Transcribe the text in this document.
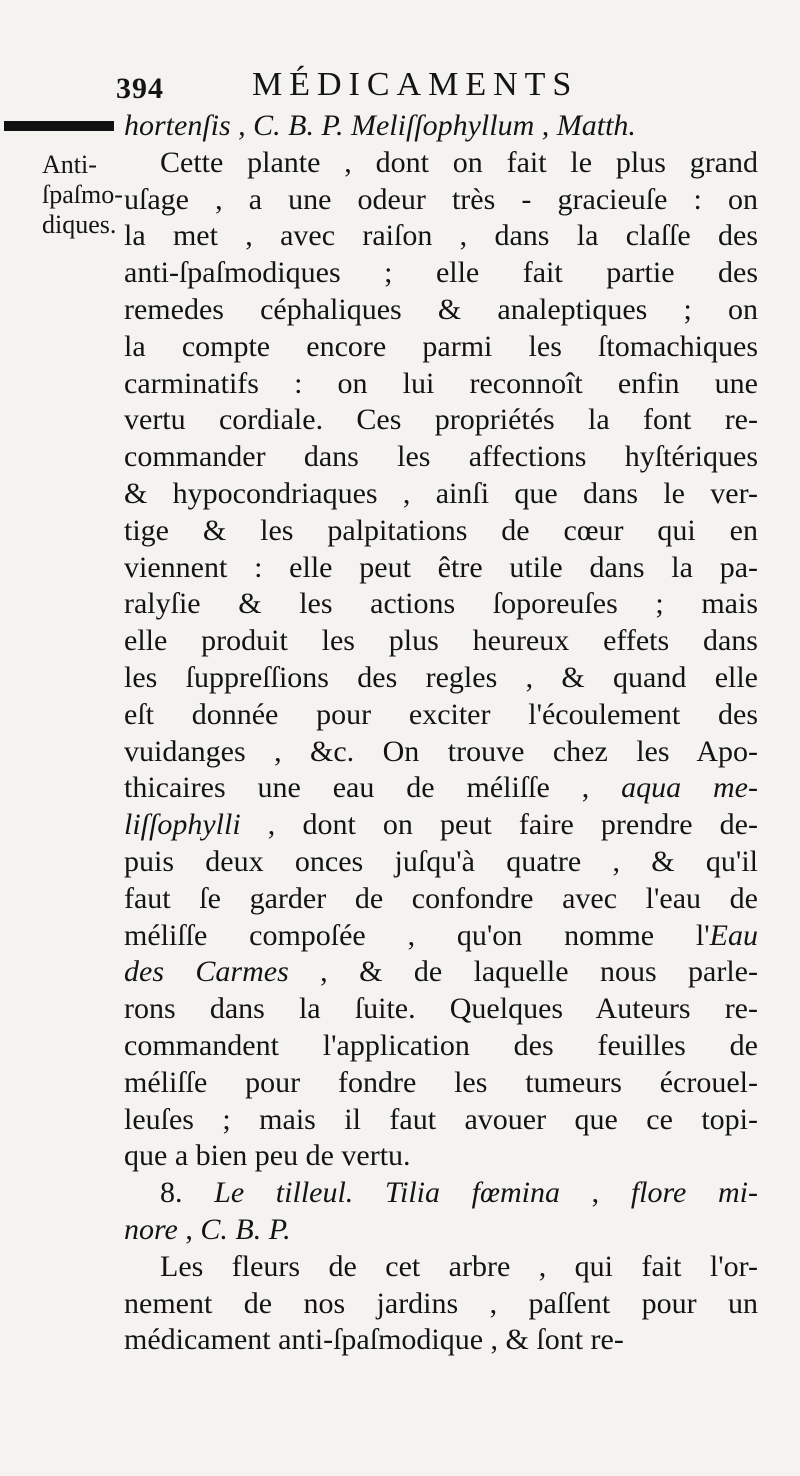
394	MÉDICAMENTS
Anti-
ſpaſmo-
diques.
hortenſis , C. B. P. Meliſſophyllum , Matth.
Cette plante , dont on fait le plus grand
uſage , a une odeur très - gracieuſe : on
la met , avec raiſon , dans la claſſe des
anti-ſpaſmodiques ; elle fait partie des
remedes céphaliques & analeptiques ; on
la compte encore parmi les ſtomachiques
carminatifs : on lui reconnoît enfin une
vertu cordiale. Ces propriétés la font re-
commander dans les affections hyſtériques
& hypocondriaques , ainſi que dans le ver-
tige & les palpitations de cœur qui en
viennent : elle peut être utile dans la pa-
ralyſie & les actions ſoporeuſes ; mais
elle produit les plus heureux effets dans
les ſuppreſſions des regles , & quand elle
eſt donnée pour exciter l'écoulement des
vuidanges , &c. On trouve chez les Apo-
thicaires une eau de méliſſe , aqua me-
liſſophylli , dont on peut faire prendre de-
puis deux onces juſqu'à quatre , & qu'il
faut ſe garder de confondre avec l'eau de
méliſſe compoſée , qu'on nomme l'Eau
des Carmes , & de laquelle nous parle-
rons dans la ſuite. Quelques Auteurs re-
commandent l'application des feuilles de
méliſſe pour fondre les tumeurs écrouel-
leuſes ; mais il faut avouer que ce topi-
que a bien peu de vertu.
8. Le tilleul. Tilia fœmina , flore mi-
nore , C. B. P.
Les fleurs de cet arbre , qui fait l'or-
nement de nos jardins , paſſent pour un
médicament anti-ſpaſmodique , & ſont re-
